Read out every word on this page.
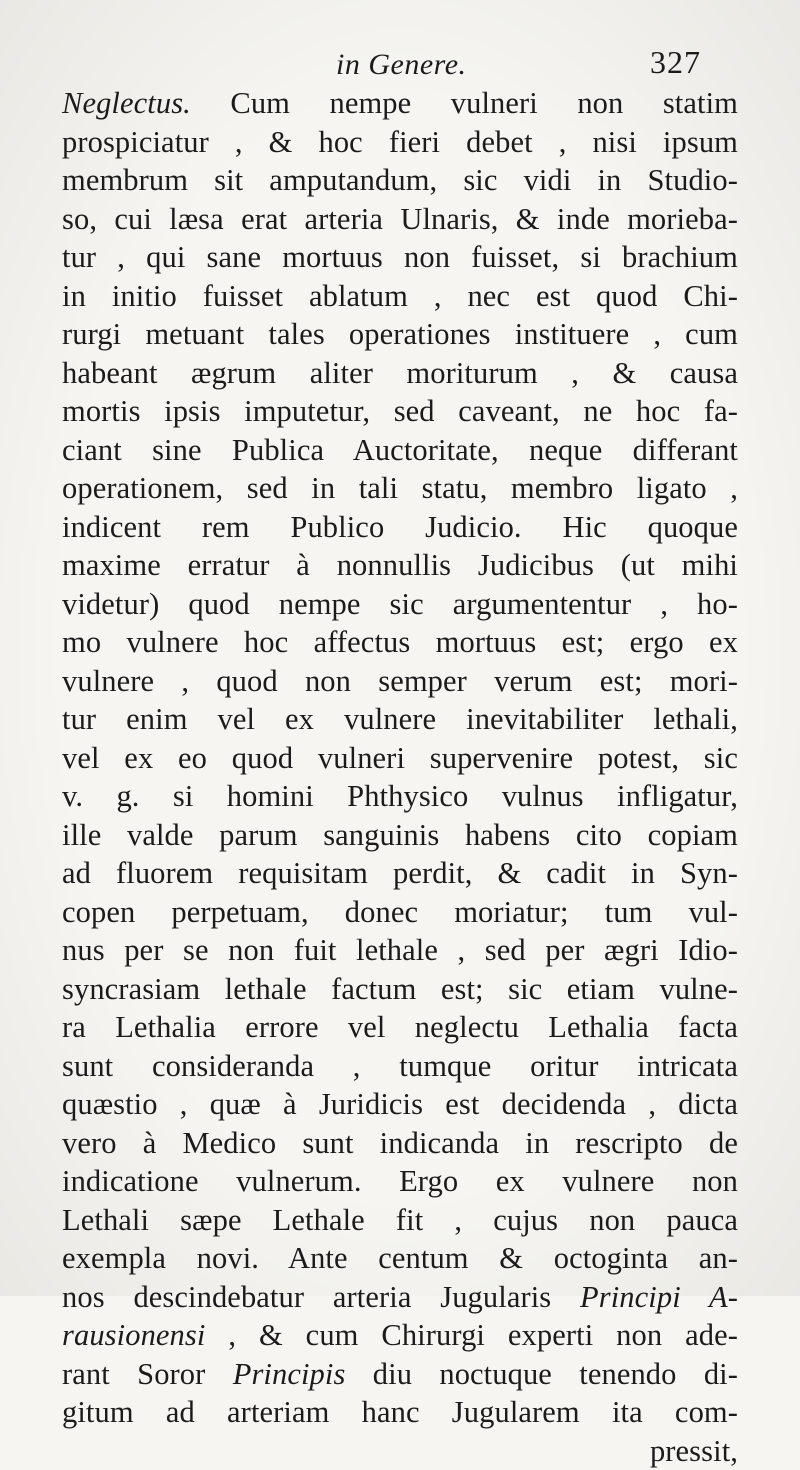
in Genere.	327
Neglectus. Cum nempe vulneri non statim
prospiciatur , & hoc fieri debet , nisi ipsum
membrum sit amputandum, sic vidi in Studio-
so, cui læsa erat arteria Ulnaris, & inde morieba-
tur , qui sane mortuus non fuisset, si brachium
in initio fuisset ablatum , nec est quod Chi-
rurgi metuant tales operationes instituere , cum
habeant ægrum aliter moriturum , & causa
mortis ipsis imputetur, sed caveant, ne hoc fa-
ciant sine Publica Auctoritate, neque differant
operationem, sed in tali statu, membro ligato ,
indicent rem Publico Judicio. Hic quoque
maxime erratur à nonnullis Judicibus (ut mihi
videtur) quod nempe sic argumententur , ho-
mo vulnere hoc affectus mortuus est; ergo ex
vulnere , quod non semper verum est; mori-
tur enim vel ex vulnere inevitabiliter lethali,
vel ex eo quod vulneri supervenire potest, sic
v. g. si homini Phthysico vulnus infligatur,
ille valde parum sanguinis habens cito copiam
ad fluorem requisitam perdit, & cadit in Syn-
copen perpetuam, donec moriatur; tum vul-
nus per se non fuit lethale , sed per ægri Idio-
syncrasiam lethale factum est; sic etiam vulne-
ra Lethalia errore vel neglectu Lethalia facta
sunt consideranda , tumque oritur intricata
quæstio , quæ à Juridicis est decidenda , dicta
vero à Medico sunt indicanda in rescripto de
indicatione vulnerum. Ergo ex vulnere non
Lethali sæpe Lethale fit , cujus non pauca
exempla novi. Ante centum & octoginta an-
nos descindebatur arteria Jugularis Principi A-
rausionensi , & cum Chirurgi experti non ade-
rant Soror Principis diu noctuque tenendo di-
gitum ad arteriam hanc Jugularem ita com-
pressit,
